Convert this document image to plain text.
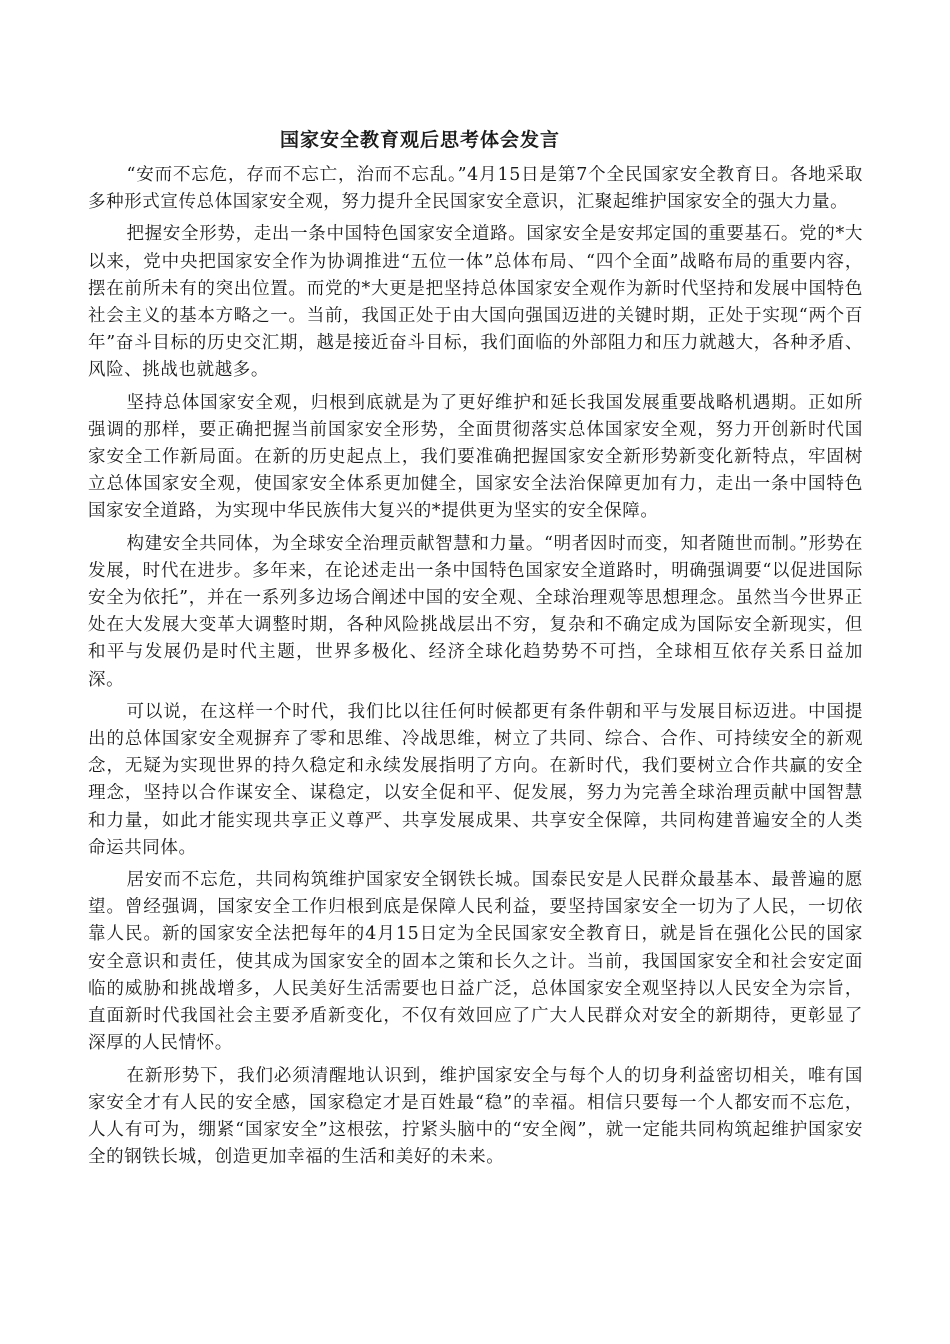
国家安全教育观后思考体会发言

“安而不忘危，存而不忘亡，治而不忘乱。”4月15日是第7个全民国家安全教育日。各地采取多种形式宣传总体国家安全观，努力提升全民国家安全意识，汇聚起维护国家安全的强大力量。

把握安全形势，走出一条中国特色国家安全道路。国家安全是安邦定国的重要基石。党的*大以来，党中央把国家安全作为协调推进“五位一体”总体布局、“四个全面”战略布局的重要内容，摆在前所未有的突出位置。而党的*大更是把坚持总体国家安全观作为新时代坚持和发展中国特色社会主义的基本方略之一。当前，我国正处于由大国向强国迈进的关键时期，正处于实现“两个百年”奋斗目标的历史交汇期，越是接近奋斗目标，我们面临的外部阻力和压力就越大，各种矛盾、风险、挑战也就越多。

坚持总体国家安全观，归根到底就是为了更好维护和延长我国发展重要战略机遇期。正如所强调的那样，要正确把握当前国家安全形势，全面贯彻落实总体国家安全观，努力开创新时代国家安全工作新局面。在新的历史起点上，我们要准确把握国家安全新形势新变化新特点，牢固树立总体国家安全观，使国家安全体系更加健全，国家安全法治保障更加有力，走出一条中国特色国家安全道路，为实现中华民族伟大复兴的*提供更为坚实的安全保障。

构建安全共同体，为全球安全治理贡献智慧和力量。“明者因时而变，知者随世而制。”形势在发展，时代在进步。多年来，在论述走出一条中国特色国家安全道路时，明确强调要“以促进国际安全为依托”，并在一系列多边场合阐述中国的安全观、全球治理观等思想理念。虽然当今世界正处在大发展大变革大调整时期，各种风险挑战层出不穷，复杂和不确定成为国际安全新现实，但和平与发展仍是时代主题，世界多极化、经济全球化趋势势不可挡，全球相互依存关系日益加深。

可以说，在这样一个时代，我们比以往任何时候都更有条件朝和平与发展目标迈进。中国提出的总体国家安全观摒弃了零和思维、冷战思维，树立了共同、综合、合作、可持续安全的新观念，无疑为实现世界的持久稳定和永续发展指明了方向。在新时代，我们要树立合作共赢的安全理念，坚持以合作谋安全、谋稳定，以安全促和平、促发展，努力为完善全球治理贡献中国智慧和力量，如此才能实现共享正义尊严、共享发展成果、共享安全保障，共同构建普遍安全的人类命运共同体。

居安而不忘危，共同构筑维护国家安全钢铁长城。国泰民安是人民群众最基本、最普遍的愿望。曾经强调，国家安全工作归根到底是保障人民利益，要坚持国家安全一切为了人民，一切依靠人民。新的国家安全法把每年的4月15日定为全民国家安全教育日，就是旨在强化公民的国家安全意识和责任，使其成为国家安全的固本之策和长久之计。当前，我国国家安全和社会安定面临的威胁和挑战增多，人民美好生活需要也日益广泛，总体国家安全观坚持以人民安全为宗旨，直面新时代我国社会主要矛盾新变化，不仅有效回应了广大人民群众对安全的新期待，更彰显了深厚的人民情怀。

在新形势下，我们必须清醒地认识到，维护国家安全与每个人的切身利益密切相关，唯有国家安全才有人民的安全感，国家稳定才是百姓最“稳”的幸福。相信只要每一个人都安而不忘危，人人有可为，绷紧“国家安全”这根弦，拧紧头脑中的“安全阀”，就一定能共同构筑起维护国家安全的钢铁长城，创造更加幸福的生活和美好的未来。
